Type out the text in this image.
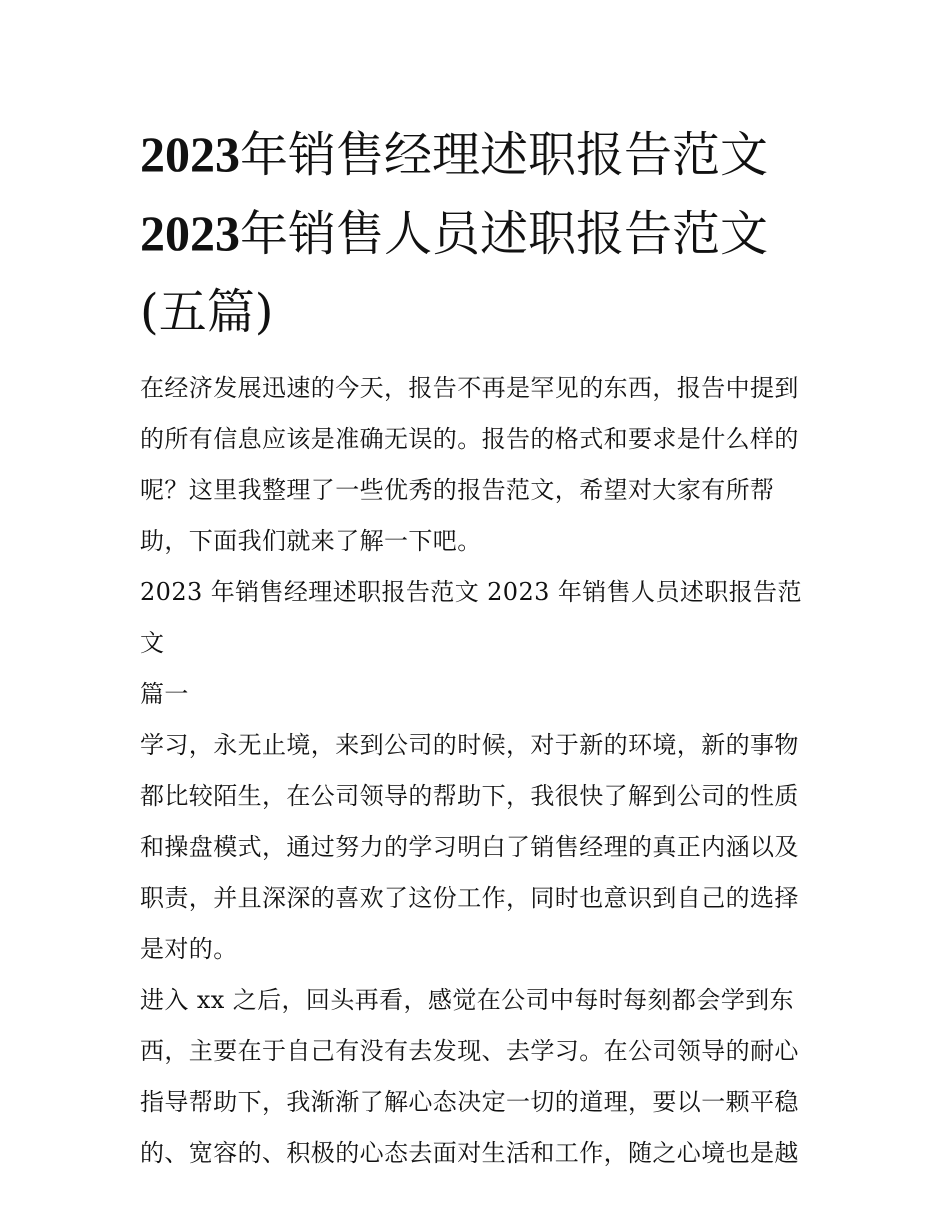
2023年销售经理述职报告范文
2023年销售人员述职报告范文
(五篇)

在经济发展迅速的今天，报告不再是罕见的东西，报告中提到

的所有信息应该是准确无误的。报告的格式和要求是什么样的

呢？这里我整理了一些优秀的报告范文，希望对大家有所帮

助，下面我们就来了解一下吧。

2023 年销售经理述职报告范文 2023 年销售人员述职报告范文

篇一

学习，永无止境，来到公司的时候，对于新的环境，新的事物

都比较陌生，在公司领导的帮助下，我很快了解到公司的性质

和操盘模式，通过努力的学习明白了销售经理的真正内涵以及

职责，并且深深的喜欢了这份工作，同时也意识到自己的选择

是对的。

进入 xx 之后，回头再看，感觉在公司中每时每刻都会学到东

西，主要在于自己有没有去发现、去学习。在公司领导的耐心

指导帮助下，我渐渐了解心态决定一切的道理，要以一颗平稳

的、宽容的、积极的心态去面对生活和工作，随之心境也是越
